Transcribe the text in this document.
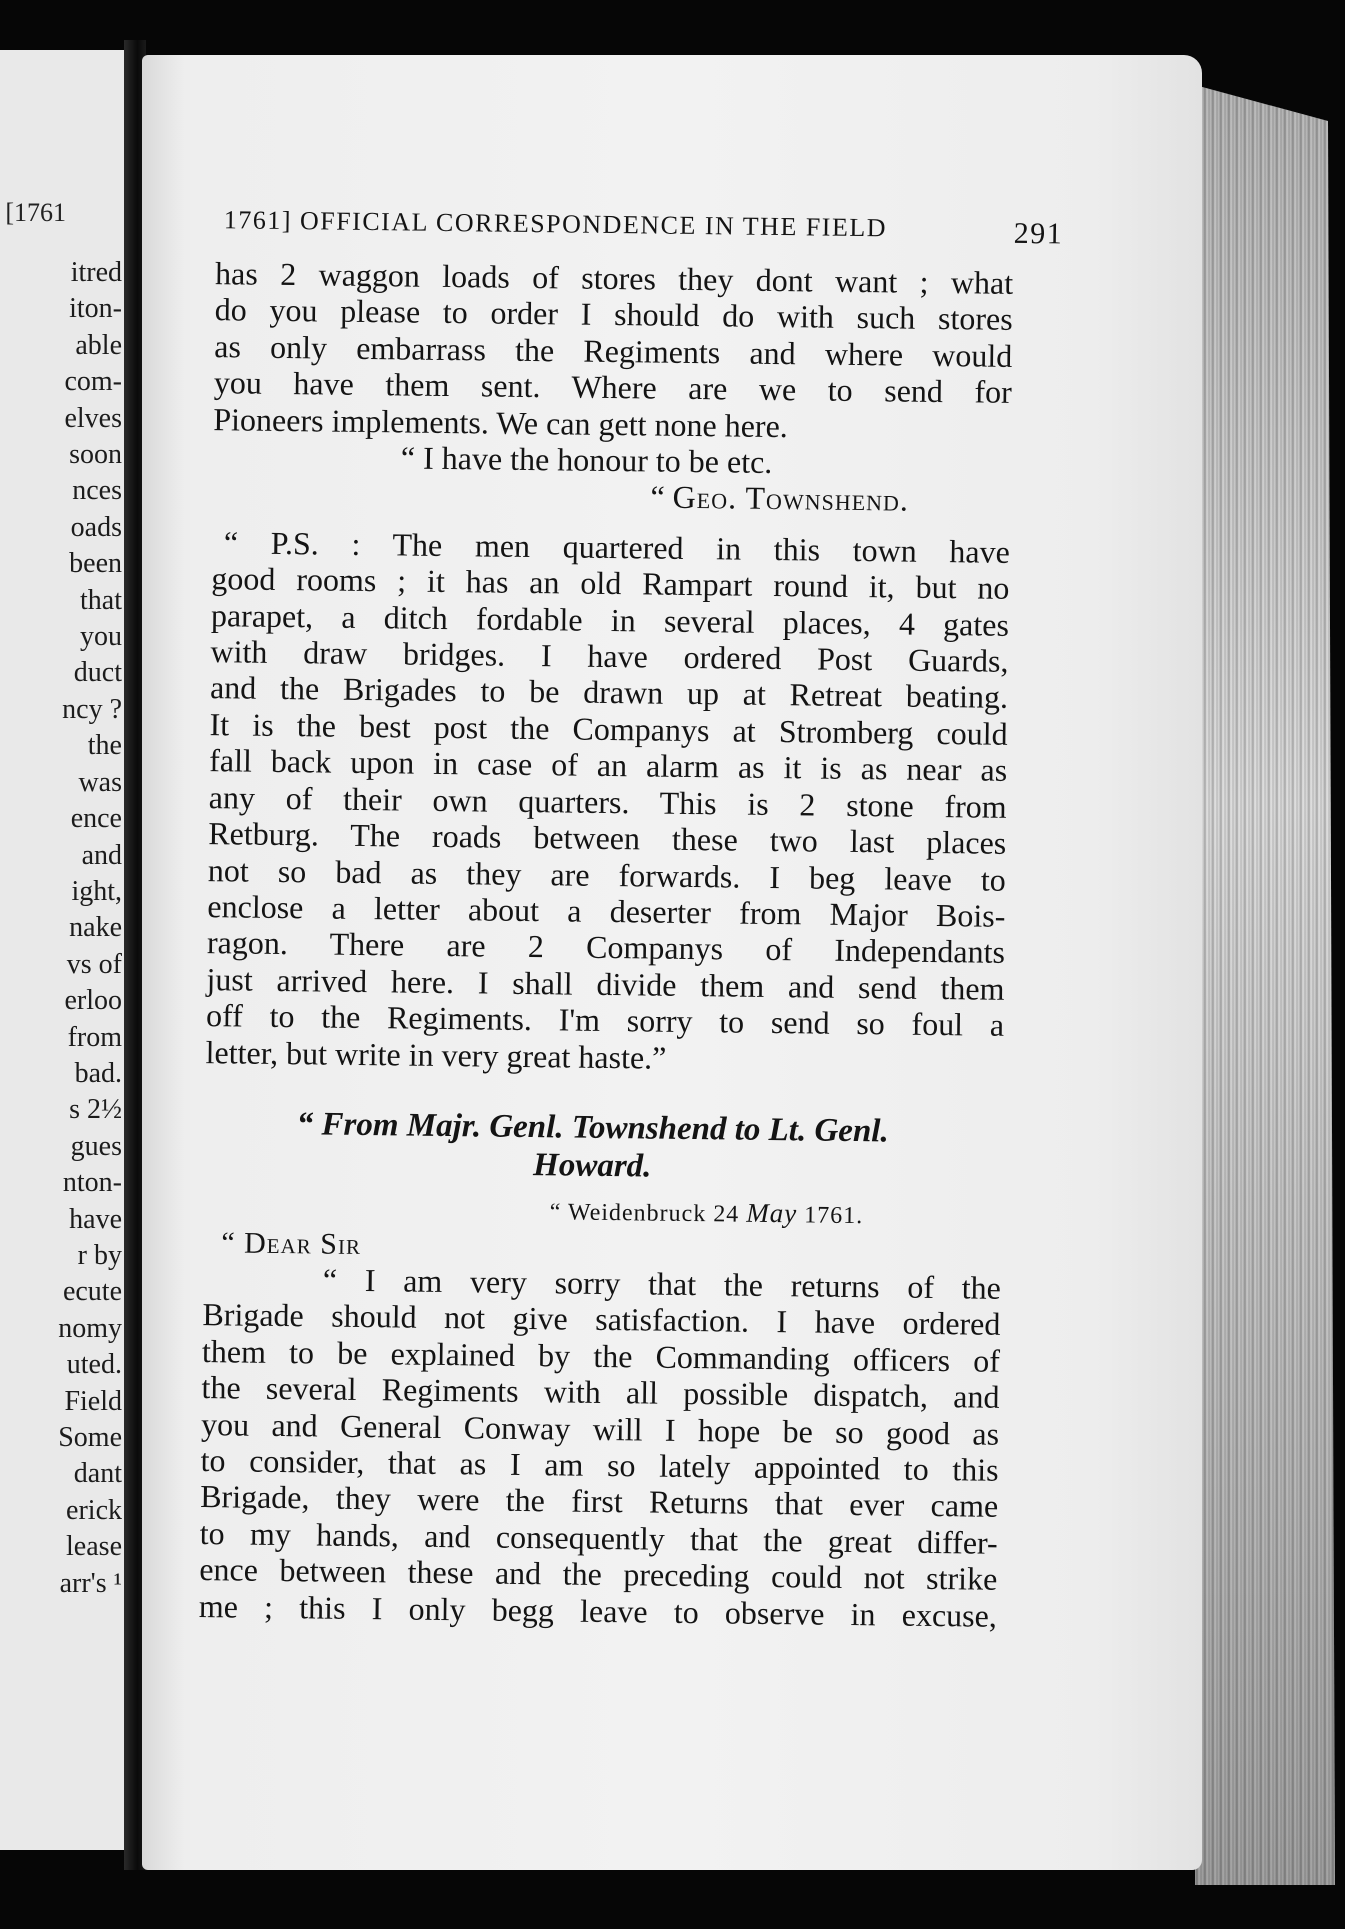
[1761
itred
iton-
able
com-
elves
soon
nces
oads
been
that
you
duct
ncy ?
the
was
ence
and
ight,
nake
vs of
erloo
from
bad.
s 2½
gues
nton-
have
r by
ecute
nomy
uted.
Field
Some
dant
erick
lease
arr's ¹
1761] OFFICIAL CORRESPONDENCE IN THE FIELD	291
has 2 waggon loads of stores they dont want ; what
do you please to order I should do with such stores
as only embarrass the Regiments and where would
you have them sent. Where are we to send for
Pioneers implements. We can gett none here.
“ I have the honour to be etc.
“ Geo. Townshend.
“ P.S. : The men quartered in this town have
good rooms ; it has an old Rampart round it, but no
parapet, a ditch fordable in several places, 4 gates
with draw bridges. I have ordered Post Guards,
and the Brigades to be drawn up at Retreat beating.
It is the best post the Companys at Stromberg could
fall back upon in case of an alarm as it is as near as
any of their own quarters. This is 2 stone from
Retburg. The roads between these two last places
not so bad as they are forwards. I beg leave to
enclose a letter about a deserter from Major Bois-
ragon. There are 2 Companys of Independants
just arrived here. I shall divide them and send them
off to the Regiments. I'm sorry to send so foul a
letter, but write in very great haste.”
“ From Majr. Genl. Townshend to Lt. Genl.
Howard.
“ Weidenbruck 24 May 1761.
“ Dear Sir
“ I am very sorry that the returns of the
Brigade should not give satisfaction. I have ordered
them to be explained by the Commanding officers of
the several Regiments with all possible dispatch, and
you and General Conway will I hope be so good as
to consider, that as I am so lately appointed to this
Brigade, they were the first Returns that ever came
to my hands, and consequently that the great differ-
ence between these and the preceding could not strike
me ; this I only begg leave to observe in excuse,
